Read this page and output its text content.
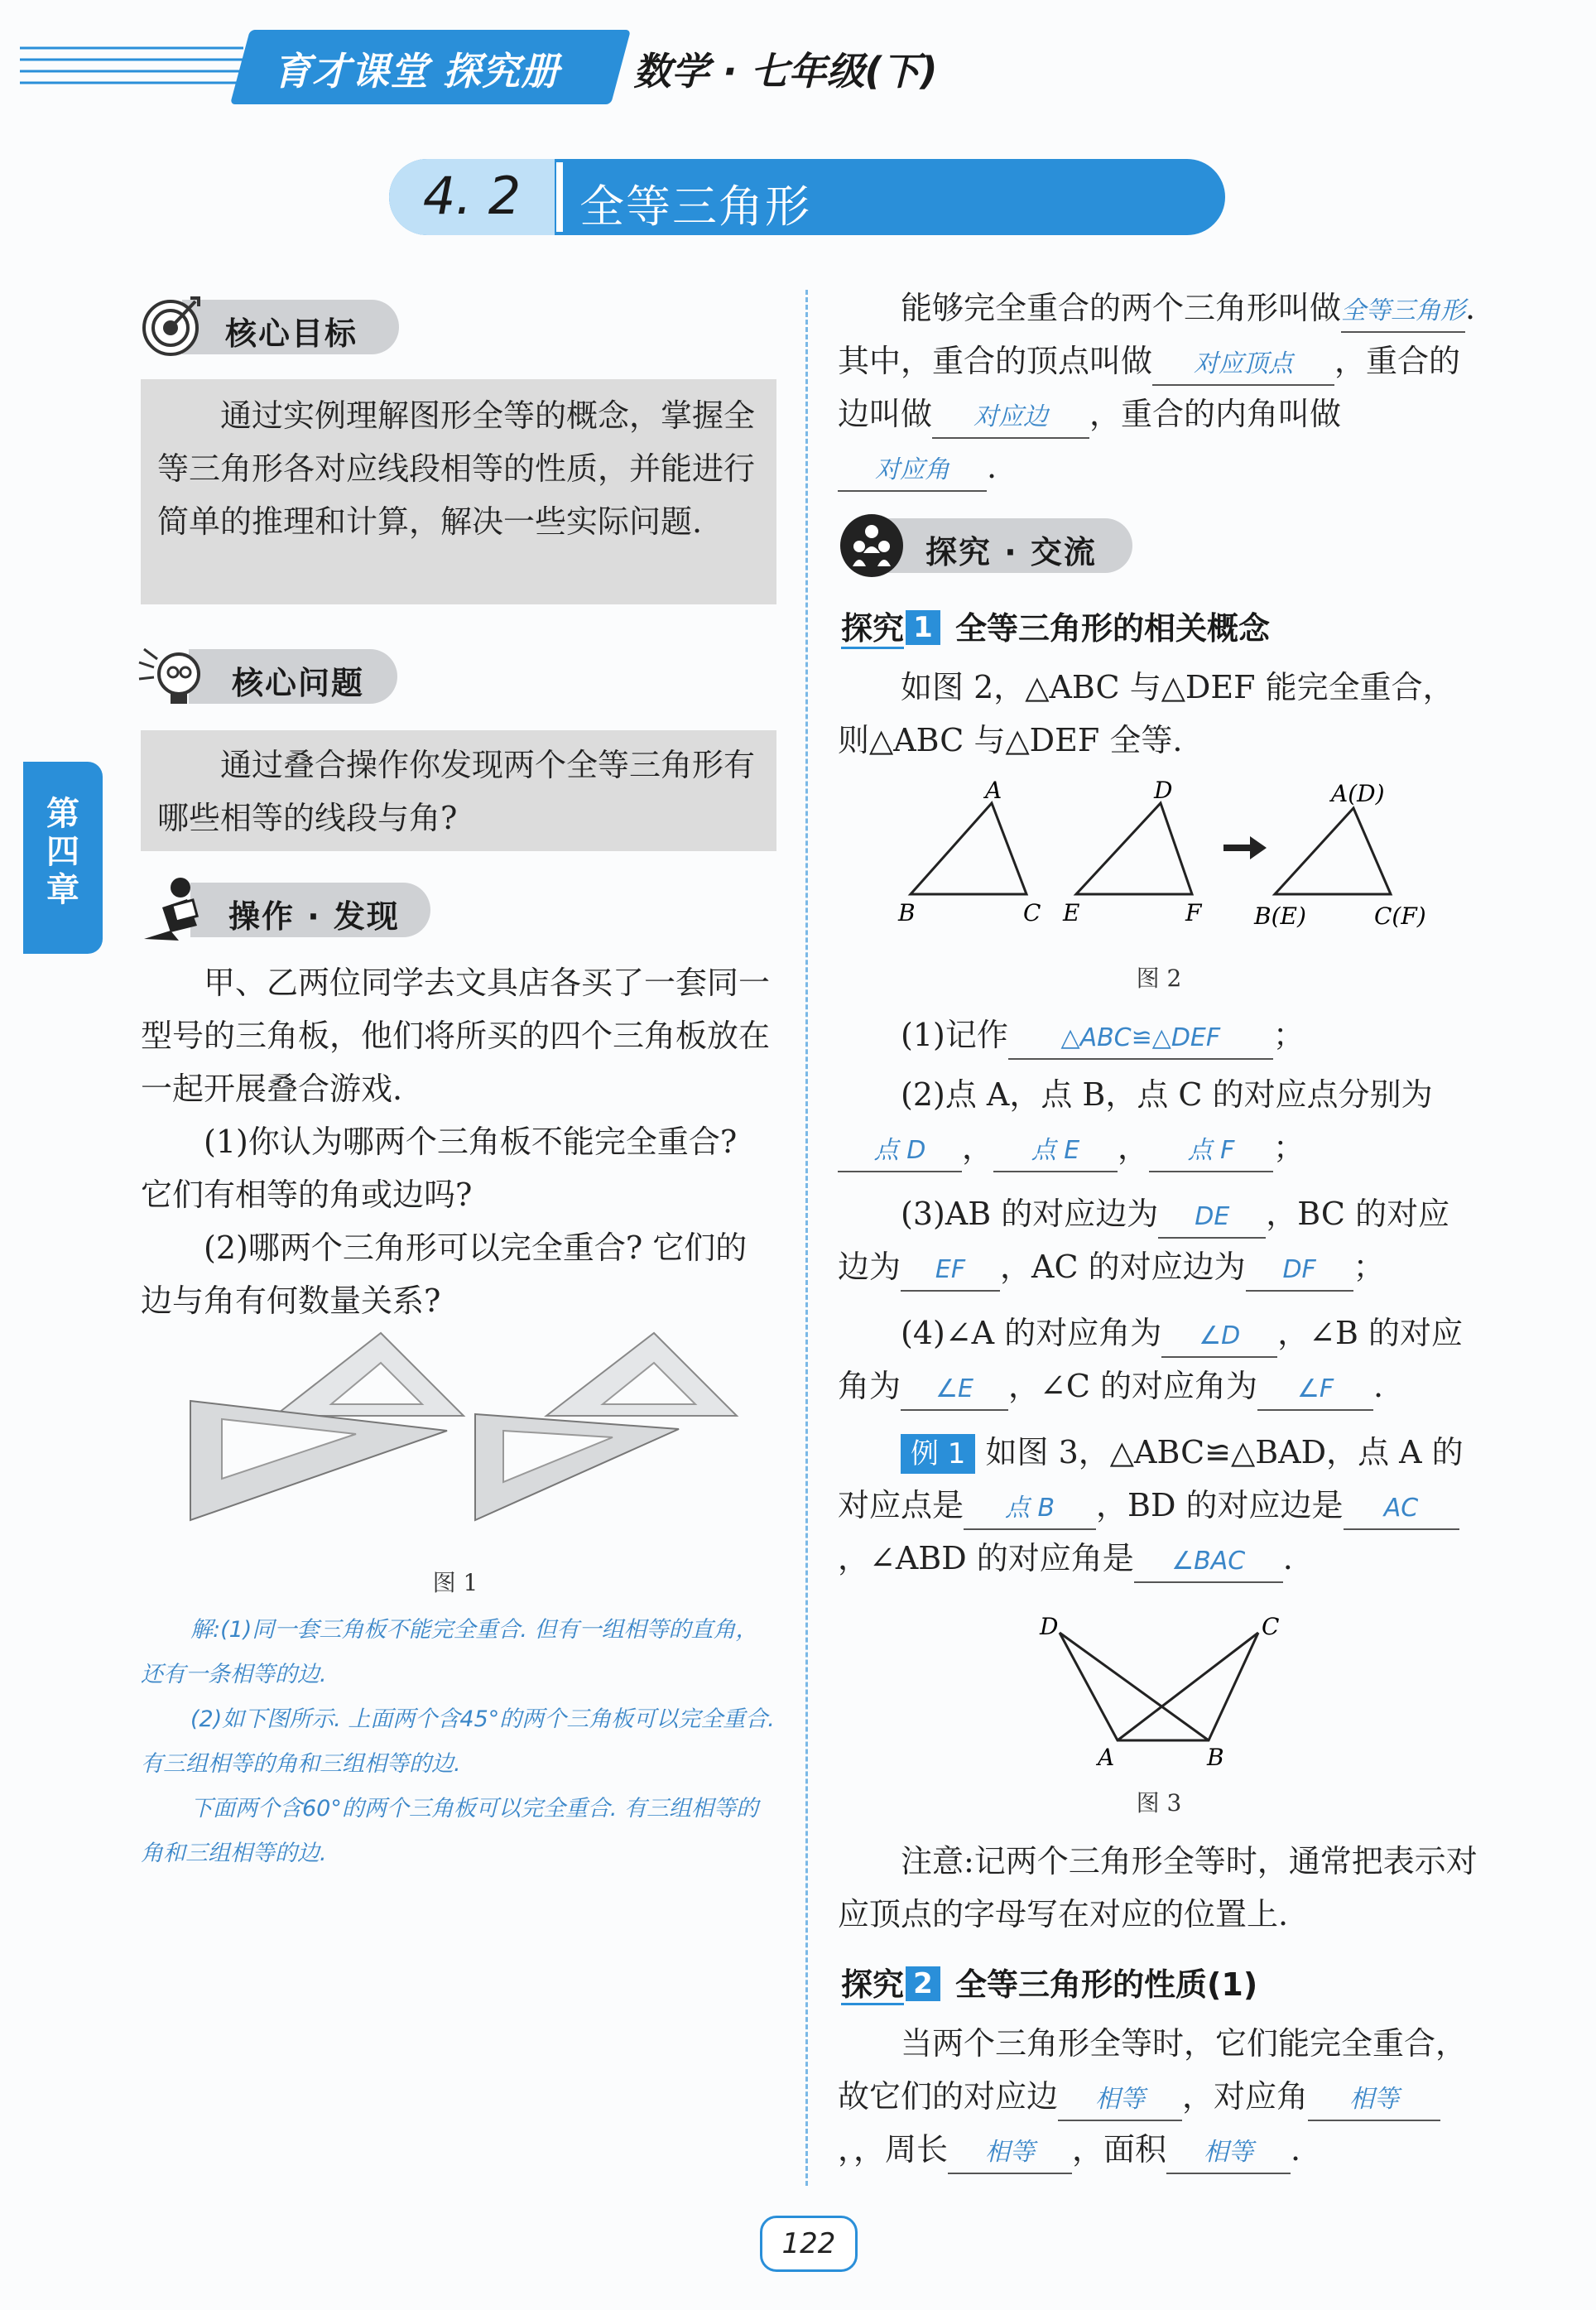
育才课堂 探究册	数学 · 七年级(下)
4. 2	全等三角形
第四章
核心目标
通过实例理解图形全等的概念，掌握全等三角形各对应线段相等的性质，并能进行简单的推理和计算，解决一些实际问题.
核心问题
通过叠合操作你发现两个全等三角形有哪些相等的线段与角?
操作 · 发现
甲、乙两位同学去文具店各买了一套同一型号的三角板，他们将所买的四个三角板放在一起开展叠合游戏.
(1)你认为哪两个三角板不能完全重合? 它们有相等的角或边吗?
(2)哪两个三角形可以完全重合? 它们的边与角有何数量关系?
图 1
解:(1)同一套三角板不能完全重合. 但有一组相等的直角，还有一条相等的边.
(2)如下图所示. 上面两个含45°的两个三角板可以完全重合. 有三组相等的角和三组相等的边.
下面两个含60°的两个三角板可以完全重合. 有三组相等的角和三组相等的边.
能够完全重合的两个三角形叫做全等三角形. 其中，重合的顶点叫做 对应顶点 ，重合的边叫做 对应边 ，重合的内角叫做对应角 .
探究 · 交流
探究 1 全等三角形的相关概念
如图 2，△ABC 与△DEF 能完全重合，则△ABC 与△DEF 全等.
A
B	C
D
E	F
A(D)
B(E)	C(F)
图 2
(1)记作 △ABC≌△DEF ；
(2)点 A，点 B，点 C 的对应点分别为点 D ， 点 E ， 点 F ；
(3)AB 的对应边为 DE ，BC 的对应边为 EF ，AC 的对应边为 DF ；
(4)∠A 的对应角为 ∠D ，∠B 的对应角为 ∠E ，∠C 的对应角为 ∠F .
例 1 如图 3，△ABC≌△BAD，点 A 的对应点是 点 B ，BD 的对应边是 AC，∠ABD 的对应角是 ∠BAC .
D	C
A	B
图 3
注意:记两个三角形全等时，通常把表示对应顶点的字母写在对应的位置上.
探究 2 全等三角形的性质(1)
当两个三角形全等时，它们能完全重合，故它们的对应边 相等 ，对应角 相等，，周长 相等 ，面积 相等 .
122
